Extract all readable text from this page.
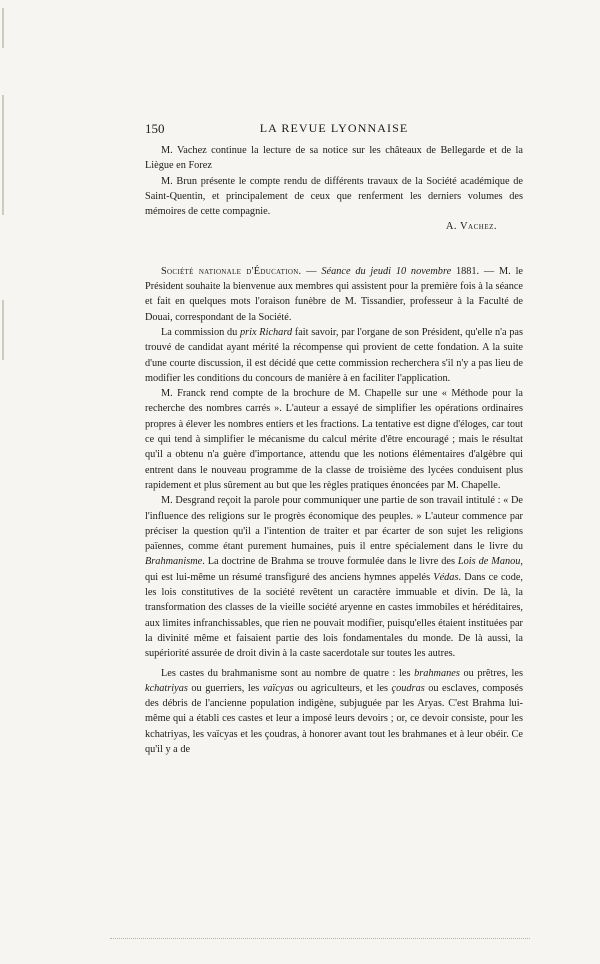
150	LA REVUE LYONNAISE

M. Vachez continue la lecture de sa notice sur les châteaux de Bellegarde et de la Liègue en Forez

M. Brun présente le compte rendu de différents travaux de la Société académique de Saint-Quentin, et principalement de ceux que renferment les derniers volumes des mémoires de cette compagnie.

A. Vachez.

Société nationale d'Éducation. — Séance du jeudi 10 novembre 1881. — M. le Président souhaite la bienvenue aux membres qui assistent pour la première fois à la séance et fait en quelques mots l'oraison funèbre de M. Tissandier, professeur à la Faculté de Douai, correspondant de la Société.

La commission du prix Richard fait savoir, par l'organe de son Président, qu'elle n'a pas trouvé de candidat ayant mérité la récompense qui provient de cette fondation. A la suite d'une courte discussion, il est décidé que cette commission recherchera s'il n'y a pas lieu de modifier les conditions du concours de manière à en faciliter l'application.

M. Franck rend compte de la brochure de M. Chapelle sur une « Méthode pour la recherche des nombres carrés ». L'auteur a essayé de simplifier les opérations ordinaires propres à élever les nombres entiers et les fractions. La tentative est digne d'éloges, car tout ce qui tend à simplifier le mécanisme du calcul mérite d'être encouragé ; mais le résultat qu'il a obtenu n'a guère d'importance, attendu que les notions élémentaires d'algèbre qui entrent dans le nouveau programme de la classe de troisième des lycées conduisent plus rapidement et plus sûrement au but que les règles pratiques énoncées par M. Chapelle.

M. Desgrand reçoit la parole pour communiquer une partie de son travail intitulé : « De l'influence des religions sur le progrès économique des peuples. » L'auteur commence par préciser la question qu'il a l'intention de traiter et par écarter de son sujet les religions païennes, comme étant purement humaines, puis il entre spécialement dans le livre du Brahmanisme. La doctrine de Brahma se trouve formulée dans le livre des Lois de Manou, qui est lui-même un résumé transfiguré des anciens hymnes appelés Védas. Dans ce code, les lois constitutives de la société revêtent un caractère immuable et divin. De là, la transformation des classes de la vieille société aryenne en castes immobiles et héréditaires, aux limites infranchissables, que rien ne pouvait modifier, puisqu'elles étaient instituées par la divinité même et faisaient partie des lois fondamentales du monde. De là aussi, la supériorité assurée de droit divin à la caste sacerdotale sur toutes les autres.

Les castes du brahmanisme sont au nombre de quatre : les brahmanes ou prêtres, les kchatriyas ou guerriers, les vaïcyas ou agriculteurs, et les çoudras ou esclaves, composés des débris de l'ancienne population indigène, subjuguée par les Aryas. C'est Brahma lui-même qui a établi ces castes et leur a imposé leurs devoirs ; or, ce devoir consiste, pour les kchatriyas, les vaïcyas et les çoudras, à honorer avant tout les brahmanes et à leur obéir. Ce qu'il y a de
